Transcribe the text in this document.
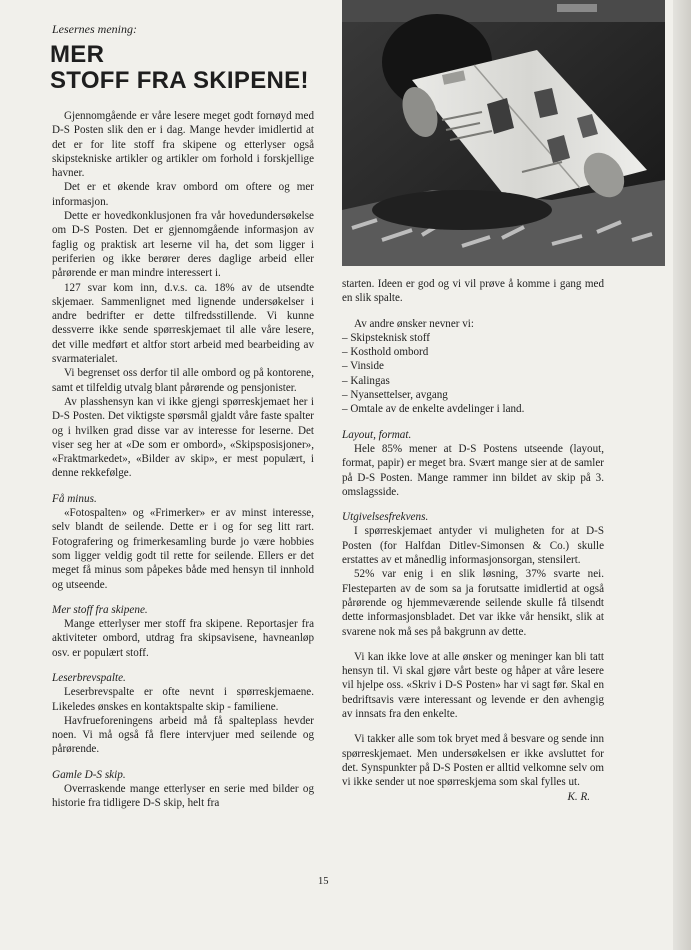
Lesernes mening:
MER
STOFF FRA SKIPENE!

Gjennomgående er våre lesere meget godt fornøyd med D-S Posten slik den er i dag. Mange hevder imidlertid at det er for lite stoff fra skipene og etterlyser også skipstekniske artikler og artikler om forhold i forskjellige havner.

Det er et økende krav ombord om oftere og mer informasjon.

Dette er hovedkonklusjonen fra vår hovedundersøkelse om D-S Posten. Det er gjennomgående informasjon av faglig og praktisk art leserne vil ha, det som ligger i periferien og ikke berører deres daglige arbeid eller pårørende er man mindre interessert i.

127 svar kom inn, d.v.s. ca. 18% av de utsendte skjemaer. Sammenlignet med lignende undersøkelser i andre bedrifter er dette tilfredsstillende. Vi kunne dessverre ikke sende spørreskjemaet til alle våre lesere, det ville medført et altfor stort arbeid med bearbeiding av svarmaterialet.

Vi begrenset oss derfor til alle ombord og på kontorene, samt et tilfeldig utvalg blant pårørende og pensjonister.

Av plasshensyn kan vi ikke gjengi spørreskjemaet her i D-S Posten. Det viktigste spørsmål gjaldt våre faste spalter og i hvilken grad disse var av interesse for leserne. Det viser seg her at «De som er ombord», «Skipsposisjoner», «Fraktmarkedet», «Bilder av skip», er mest populært, i denne rekkefølge.

Få minus.

«Fotospalten» og «Frimerker» er av minst interesse, selv blandt de seilende. Dette er i og for seg litt rart. Fotografering og frimerkesamling burde jo være hobbies som ligger veldig godt til rette for seilende. Ellers er det meget få minus som påpekes både med hensyn til innhold og utseende.

Mer stoff fra skipene.

Mange etterlyser mer stoff fra skipene. Reportasjer fra aktiviteter ombord, utdrag fra skipsavisene, havneanløp osv. er populært stoff.

Leserbrevspalte.

Leserbrevspalte er ofte nevnt i spørreskjemaene. Likeledes ønskes en kontaktspalte skip - familiene.

Havfrueforeningens arbeid må få spalteplass hevder noen. Vi må også få flere intervjuer med seilende og pårørende.

Gamle D-S skip.

Overraskende mange etterlyser en serie med bilder og historie fra tidligere D-S skip, helt fra

starten. Ideen er god og vi vil prøve å komme i gang med en slik spalte.

Av andre ønsker nevner vi:

– Skipsteknisk stoff
– Kosthold ombord
– Vinside
– Kalingas
– Nyansettelser, avgang
– Omtale av de enkelte avdelinger i land.
Layout, format.

Hele 85% mener at D-S Postens utseende (layout, format, papir) er meget bra. Svært mange sier at de samler på D-S Posten. Mange rammer inn bildet av skip på 3. omslagsside.

Utgivelsesfrekvens.

I spørreskjemaet antyder vi muligheten for at D-S Posten (for Halfdan Ditlev-Simonsen & Co.) skulle erstattes av et månedlig informasjonsorgan, stensilert.

52% var enig i en slik løsning, 37% svarte nei. Flesteparten av de som sa ja forutsatte imidlertid at også pårørende og hjemmeværende seilende skulle få tilsendt dette informasjonsbladet. Det var ikke vår hensikt, slik at svarene nok må ses på bakgrunn av dette.

Vi kan ikke love at alle ønsker og meninger kan bli tatt hensyn til. Vi skal gjøre vårt beste og håper at våre lesere vil hjelpe oss. «Skriv i D-S Posten» har vi sagt før. Skal en bedriftsavis være interessant og levende er den avhengig av innsats fra den enkelte.

Vi takker alle som tok bryet med å besvare og sende inn spørreskjemaet. Men undersøkelsen er ikke avsluttet for det. Synspunkter på D-S Posten er alltid velkomne selv om vi ikke sender ut noe spørreskjema som skal fylles ut.

K. R.
15
